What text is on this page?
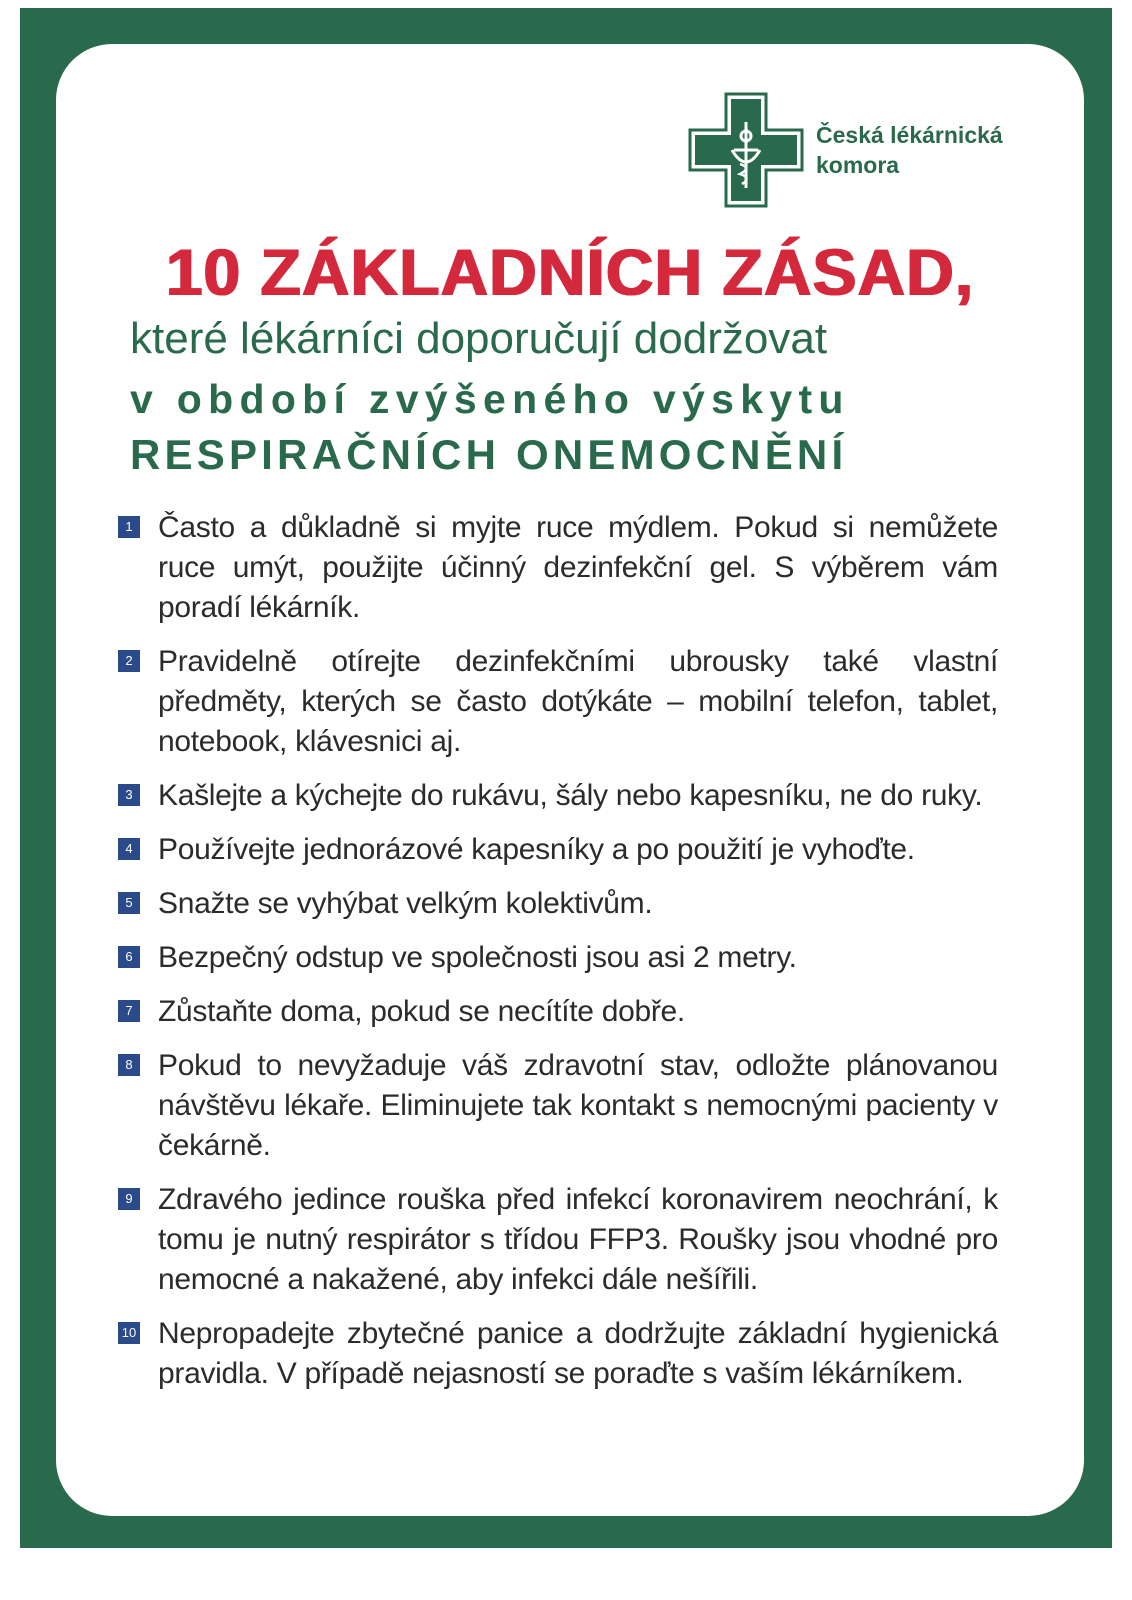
Česká lékárnická
komora
10 ZÁKLADNÍCH ZÁSAD,
které lékárníci doporučují dodržovat
v období zvýšeného výskytu
RESPIRAČNÍCH ONEMOCNĚNÍ
1 Často a důkladně si myjte ruce mýdlem. Pokud si nemůžete ruce umýt, použijte účinný dezinfekční gel. S výběrem vám poradí lékárník.
2 Pravidelně otírejte dezinfekčními ubrousky také vlastní předměty, kterých se často dotýkáte – mobilní telefon, tablet, notebook, klávesnici aj.
3 Kašlejte a kýchejte do rukávu, šály nebo kapesníku, ne do ruky.
4 Používejte jednorázové kapesníky a po použití je vyhoďte.
5 Snažte se vyhýbat velkým kolektivům.
6 Bezpečný odstup ve společnosti jsou asi 2 metry.
7 Zůstaňte doma, pokud se necítíte dobře.
8 Pokud to nevyžaduje váš zdravotní stav, odložte plánovanou návštěvu lékaře. Eliminujete tak kontakt s nemocnými pacienty v čekárně.
9 Zdravého jedince rouška před infekcí koronavirem neochrání, k tomu je nutný respirátor s třídou FFP3. Roušky jsou vhodné pro nemocné a nakažené, aby infekci dále nešířili.
10 Nepropadejte zbytečné panice a dodržujte základní hygienická pravidla. V případě nejasností se poraďte s vaším lékárníkem.
